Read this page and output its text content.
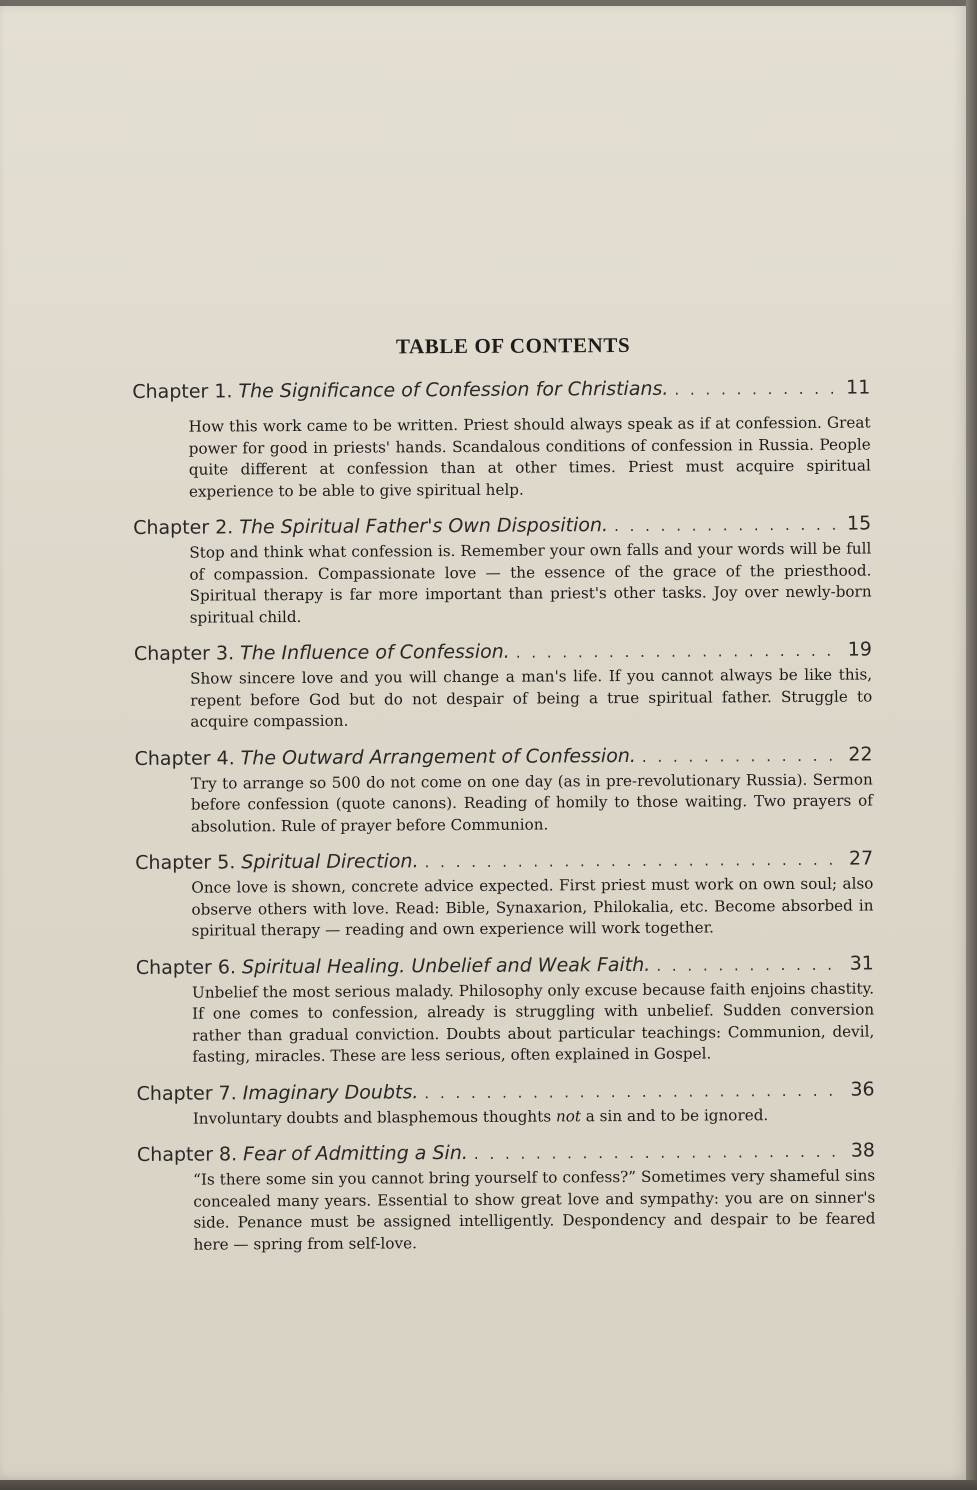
TABLE OF CONTENTS
Chapter 1. The Significance of Confession for Christians. . . .	11
How this work came to be written. Priest should always speak as if at confession. Great power for good in priests' hands. Scandalous conditions of confession in Russia. People quite different at confession than at other times. Priest must acquire spiritual experience to be able to give spiritual help.
Chapter 2. The Spiritual Father's Own Disposition. . . .	15
Stop and think what confession is. Remember your own falls and your words will be full of compassion. Compassionate love — the essence of the grace of the priesthood. Spiritual therapy is far more important than priest's other tasks. Joy over newly-born spiritual child.
Chapter 3. The Influence of Confession. . . .	19
Show sincere love and you will change a man's life. If you cannot always be like this, repent before God but do not despair of being a true spiritual father. Struggle to acquire compassion.
Chapter 4. The Outward Arrangement of Confession. . . .	22
Try to arrange so 500 do not come on one day (as in pre-revolutionary Russia). Sermon before confession (quote canons). Reading of homily to those waiting. Two prayers of absolution. Rule of prayer before Communion.
Chapter 5. Spiritual Direction. . . .	27
Once love is shown, concrete advice expected. First priest must work on own soul; also observe others with love. Read: Bible, Synaxarion, Philokalia, etc. Become absorbed in spiritual therapy — reading and own experience will work together.
Chapter 6. Spiritual Healing. Unbelief and Weak Faith. . . .	31
Unbelief the most serious malady. Philosophy only excuse because faith enjoins chastity. If one comes to confession, already is struggling with unbelief. Sudden conversion rather than gradual conviction. Doubts about particular teachings: Communion, devil, fasting, miracles. These are less serious, often explained in Gospel.
Chapter 7. Imaginary Doubts. . . .	36
Involuntary doubts and blasphemous thoughts not a sin and to be ignored.
Chapter 8. Fear of Admitting a Sin. . . .	38
“Is there some sin you cannot bring yourself to confess?” Sometimes very shameful sins concealed many years. Essential to show great love and sympathy: you are on sinner's side. Penance must be assigned intelligently. Despondency and despair to be feared here — spring from self-love.
